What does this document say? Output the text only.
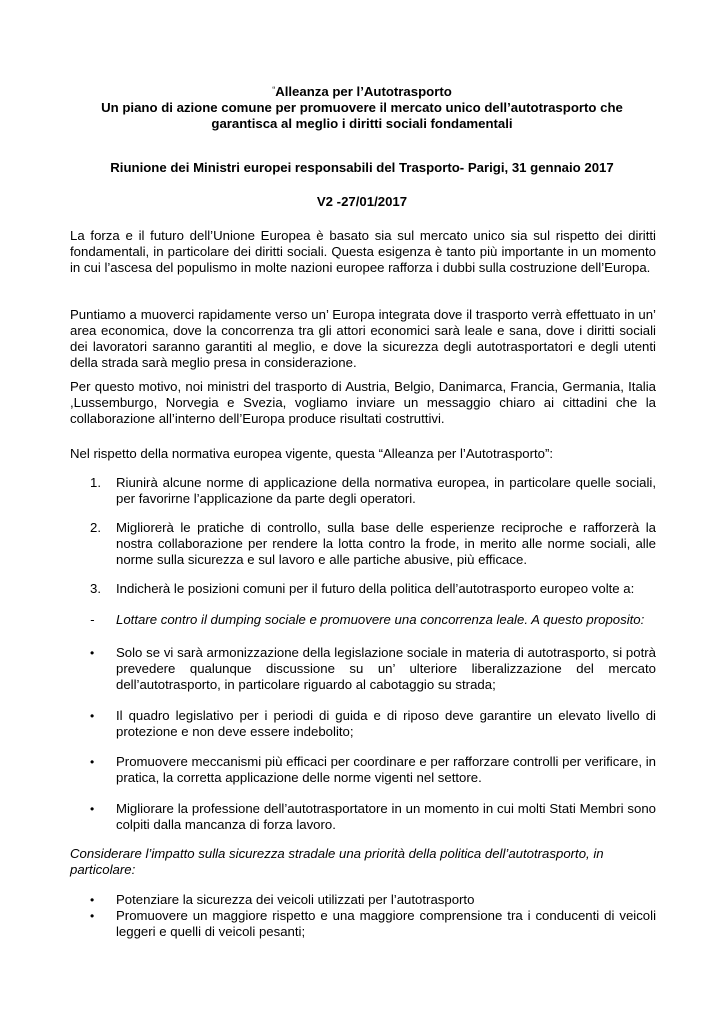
“Alleanza per l’Autotrasporto
Un piano di azione comune per promuovere il mercato unico dell’autotrasporto che
garantisca al meglio i diritti sociali fondamentali
Riunione dei Ministri europei responsabili del Trasporto- Parigi, 31 gennaio 2017
V2 -27/01/2017
La forza e il futuro dell’Unione Europea è basato sia sul mercato unico sia sul rispetto dei diritti fondamentali, in particolare dei diritti sociali. Questa esigenza è tanto più importante in un momento in cui l’ascesa del populismo in molte nazioni europee rafforza i dubbi sulla costruzione dell’Europa.
Puntiamo a muoverci rapidamente verso un’ Europa integrata dove il trasporto verrà effettuato in un’ area economica, dove la concorrenza tra gli attori economici sarà leale e sana, dove i diritti sociali dei lavoratori saranno garantiti al meglio, e dove la sicurezza degli autotrasportatori e degli utenti della strada sarà meglio presa in considerazione.
Per questo motivo, noi ministri del trasporto di Austria, Belgio, Danimarca, Francia, Germania, Italia ,Lussemburgo, Norvegia e Svezia, vogliamo inviare un messaggio chiaro ai cittadini che la collaborazione all’interno dell’Europa produce risultati costruttivi.
Nel rispetto della normativa europea vigente, questa “Alleanza per l’Autotrasporto”:
1.	Riunirà alcune norme di applicazione della normativa europea, in particolare quelle sociali, per favorirne l’applicazione da parte degli operatori.
2.	Migliorerà le pratiche di controllo, sulla base delle esperienze reciproche e rafforzerà la nostra collaborazione per rendere la lotta contro la frode, in merito alle norme sociali, alle norme sulla sicurezza e sul lavoro e alle partiche abusive, più efficace.
3.	Indicherà le posizioni comuni per il futuro della politica dell’autotrasporto europeo volte a:
-	Lottare contro il dumping sociale e promuovere una concorrenza leale. A questo proposito:
•	Solo se vi sarà armonizzazione della legislazione sociale in materia di autotrasporto, si potrà prevedere qualunque discussione su un’ ulteriore liberalizzazione del mercato dell’autotrasporto, in particolare riguardo al cabotaggio su strada;
•	Il quadro legislativo per i periodi di guida e di riposo deve garantire un elevato livello di protezione e non deve essere indebolito;
•	Promuovere meccanismi più efficaci per coordinare e per rafforzare controlli per verificare, in pratica, la corretta applicazione delle norme vigenti nel settore.
•	Migliorare la professione dell’autotrasportatore in un momento in cui molti Stati Membri sono colpiti dalla mancanza di forza lavoro.
Considerare l’impatto sulla sicurezza stradale una priorità della politica dell’autotrasporto, in particolare:
•	Potenziare la sicurezza dei veicoli utilizzati per l’autotrasporto
•	Promuovere un maggiore rispetto e una maggiore comprensione tra i conducenti di veicoli leggeri e quelli di veicoli pesanti;
